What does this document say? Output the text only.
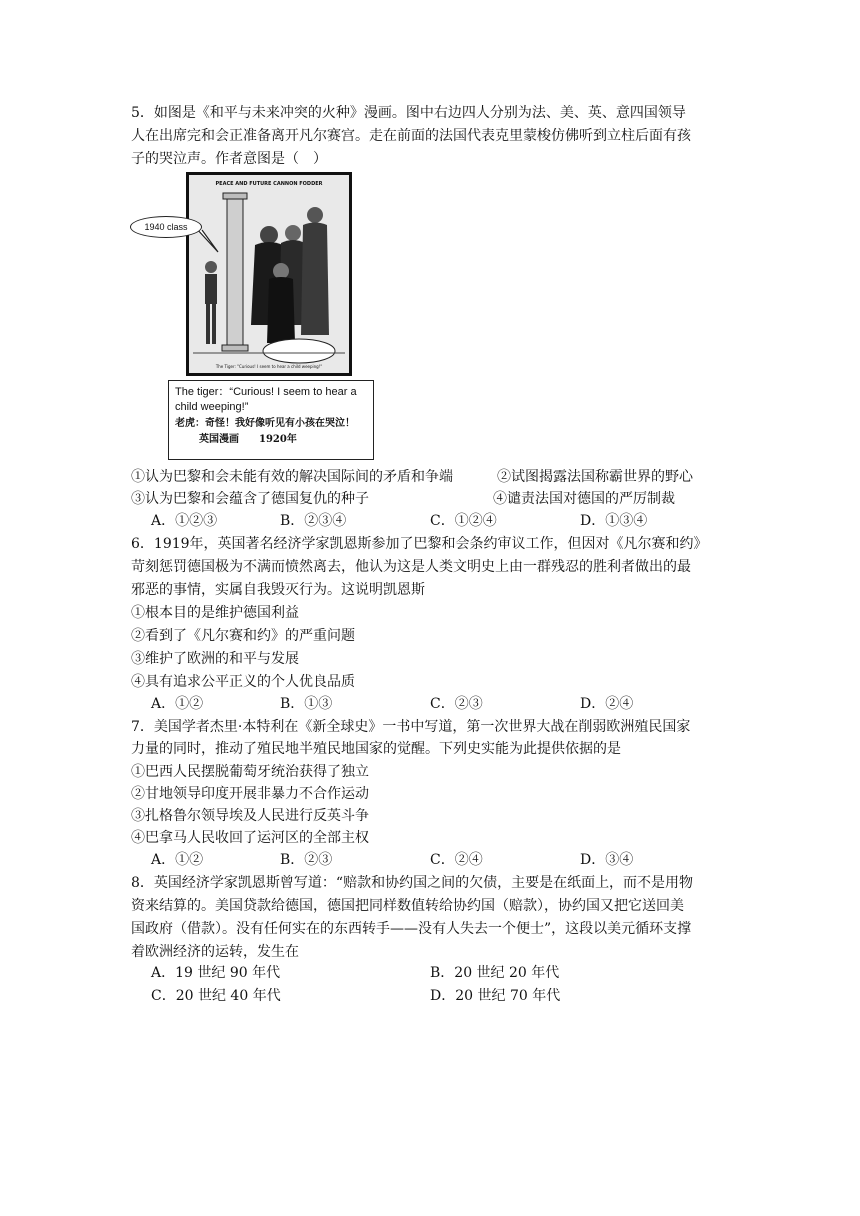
5．如图是《和平与未来冲突的火种》漫画。图中右边四人分别为法、美、英、意四国领导
人在出席完和会正准备离开凡尔赛宫。走在前面的法国代表克里蒙梭仿佛听到立柱后面有孩
子的哭泣声。作者意图是（　）
PEACE AND FUTURE CANNON FODDER
The Tiger: "Curious! I seem to hear a child weeping!"
1940 class
The tiger：“Curious! I seem to hear a
child weeping!”
老虎：奇怪！我好像听见有小孩在哭泣！
英国漫画　　1920年
①认为巴黎和会未能有效的解决国际间的矛盾和争端	②试图揭露法国称霸世界的野心
③认为巴黎和会蕴含了德国复仇的种子	④谴责法国对德国的严厉制裁
A．①②③	B．②③④	C．①②④	D．①③④
6．1919年，英国著名经济学家凯恩斯参加了巴黎和会条约审议工作，但因对《凡尔赛和约》
苛刻惩罚德国极为不满而愤然离去，他认为这是人类文明史上由一群残忍的胜利者做出的最
邪恶的事情，实属自我毁灭行为。这说明凯恩斯
①根本目的是维护德国利益
②看到了《凡尔赛和约》的严重问题
③维护了欧洲的和平与发展
④具有追求公平正义的个人优良品质
A．①②	B．①③	C．②③	D．②④
7．美国学者杰里·本特利在《新全球史》一书中写道，第一次世界大战在削弱欧洲殖民国家
力量的同时，推动了殖民地半殖民地国家的觉醒。下列史实能为此提供依据的是
①巴西人民摆脱葡萄牙统治获得了独立
②甘地领导印度开展非暴力不合作运动
③扎格鲁尔领导埃及人民进行反英斗争
④巴拿马人民收回了运河区的全部主权
A．①②	B．②③	C．②④	D．③④
8．英国经济学家凯恩斯曾写道：“赔款和协约国之间的欠债，主要是在纸面上，而不是用物
资来结算的。美国贷款给德国，德国把同样数值转给协约国（赔款），协约国又把它送回美
国政府（借款）。没有任何实在的东西转手——没有人失去一个便士”，这段以美元循环支撑
着欧洲经济的运转，发生在
A．19 世纪 90 年代	B．20 世纪 20 年代
C．20 世纪 40 年代	D．20 世纪 70 年代
